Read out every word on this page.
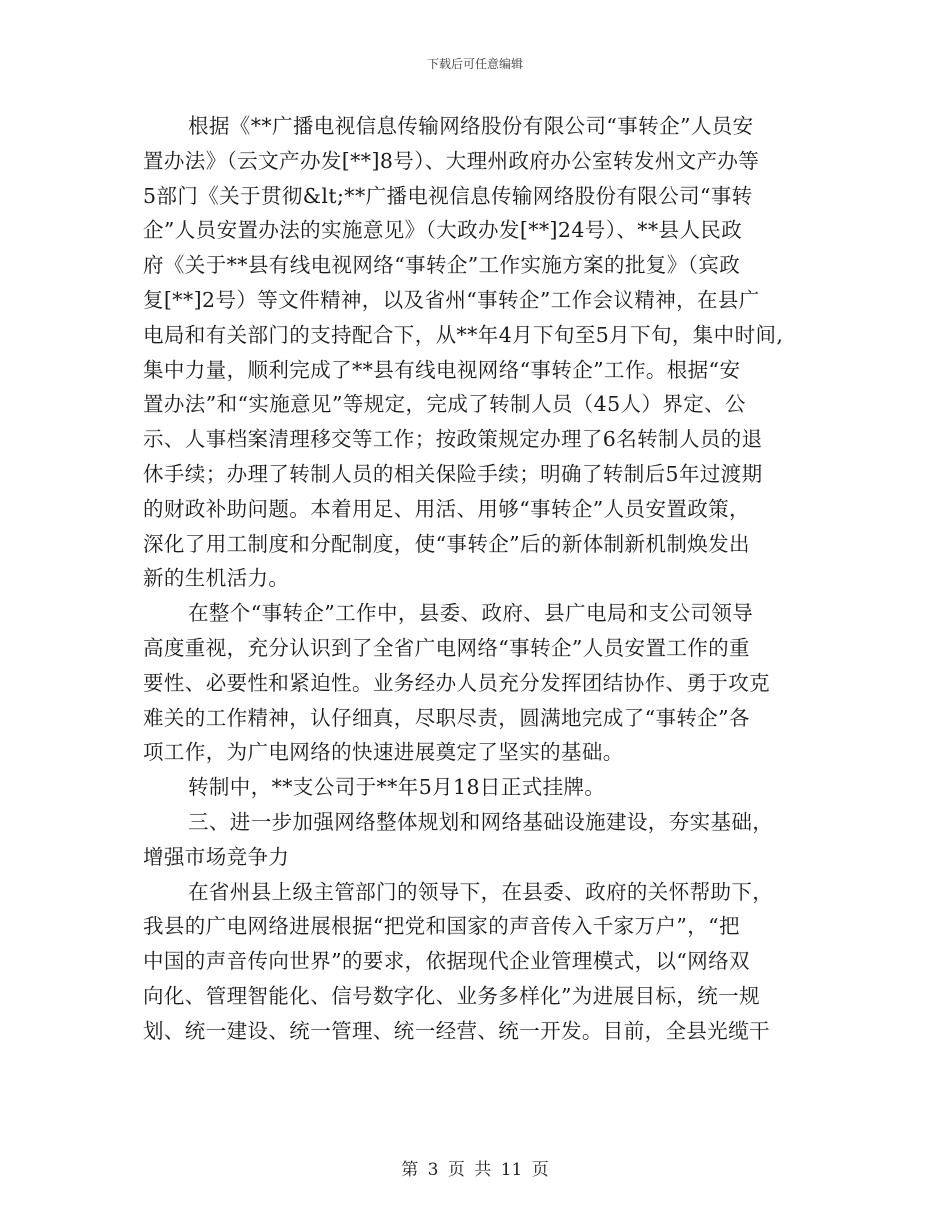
下载后可任意编辑
根据《**广播电视信息传输网络股份有限公司“事转企”人员安
置办法》（云文产办发[**]8号）、大理州政府办公室转发州文产办等
5部门《关于贯彻&lt;**广播电视信息传输网络股份有限公司“事转
企”人员安置办法的实施意见》（大政办发[**]24号）、**县人民政
府《关于**县有线电视网络“事转企”工作实施方案的批复》（宾政
复[**]2号）等文件精神，以及省州“事转企”工作会议精神，在县广
电局和有关部门的支持配合下，从**年4月下旬至5月下旬，集中时间,
集中力量，顺利完成了**县有线电视网络“事转企”工作。根据“安
置办法”和“实施意见”等规定，完成了转制人员（45人）界定、公
示、人事档案清理移交等工作；按政策规定办理了6名转制人员的退
休手续；办理了转制人员的相关保险手续；明确了转制后5年过渡期
的财政补助问题。本着用足、用活、用够“事转企”人员安置政策，
深化了用工制度和分配制度，使“事转企”后的新体制新机制焕发出
新的生机活力。
在整个“事转企”工作中，县委、政府、县广电局和支公司领导
高度重视，充分认识到了全省广电网络“事转企”人员安置工作的重
要性、必要性和紧迫性。业务经办人员充分发挥团结协作、勇于攻克
难关的工作精神，认仔细真，尽职尽责，圆满地完成了“事转企”各
项工作，为广电网络的快速进展奠定了坚实的基础。
转制中，**支公司于**年5月18日正式挂牌。
三、进一步加强网络整体规划和网络基础设施建设，夯实基础，
增强市场竞争力
在省州县上级主管部门的领导下，在县委、政府的关怀帮助下，
我县的广电网络进展根据“把党和国家的声音传入千家万户”，“把
中国的声音传向世界”的要求，依据现代企业管理模式，以“网络双
向化、管理智能化、信号数字化、业务多样化”为进展目标，统一规
划、统一建设、统一管理、统一经营、统一开发。目前，全县光缆干
第 3 页 共 11 页
